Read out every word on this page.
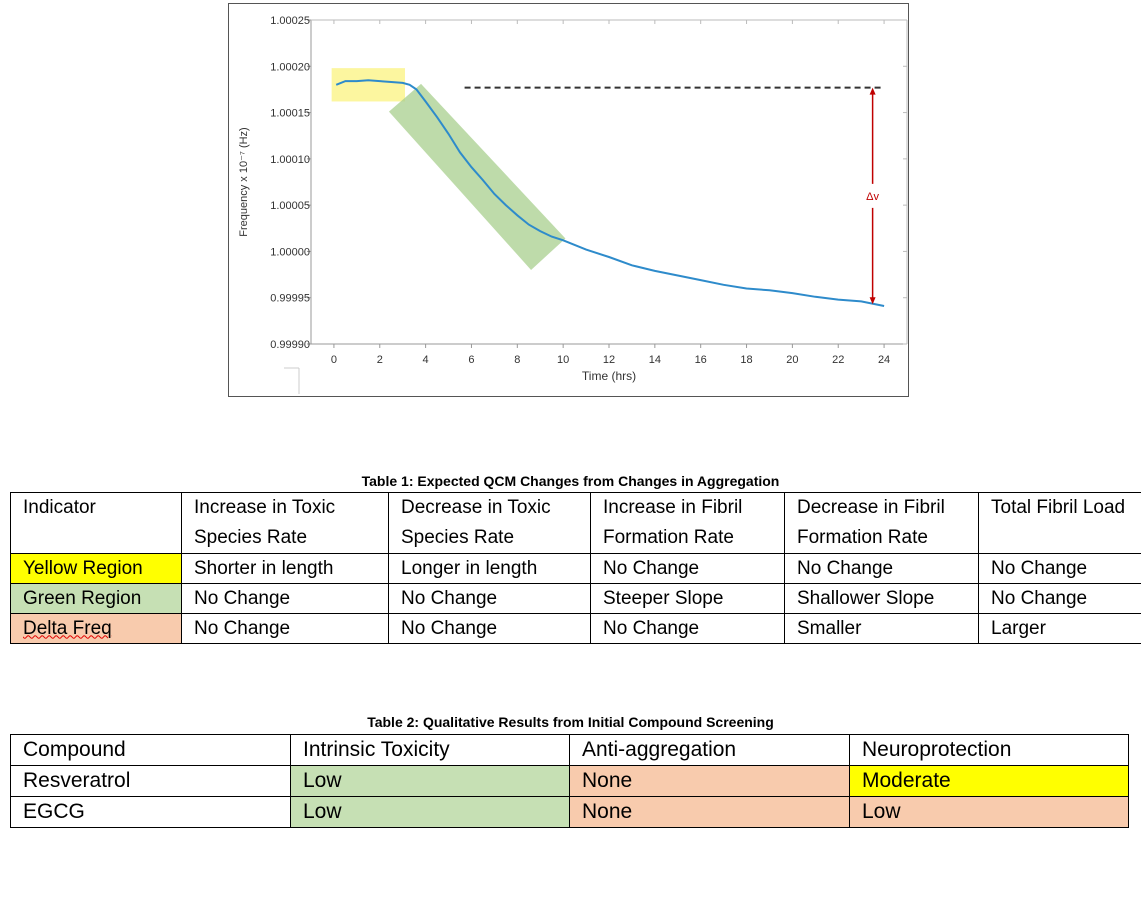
1.00025
1.00020
1.00015
1.00010
1.00005
1.00000
0.99995
0.99990
0	2	4	6	8	10	12	14	16	18	20	22	24
Time (hrs)
Frequency x 10⁻⁷ (Hz)	Δv
Table 1: Expected QCM Changes from Changes in Aggregation
Indicator	Increase in Toxic Species Rate	Decrease in Toxic Species Rate	Increase in Fibril Formation Rate	Decrease in Fibril Formation Rate	Total Fibril Load
Yellow Region	Shorter in length	Longer in length	No Change	No Change	No Change
Green Region	No Change	No Change	Steeper Slope	Shallower Slope	No Change
Delta Freq	No Change	No Change	No Change	Smaller	Larger
Table 2: Qualitative Results from Initial Compound Screening
Compound	Intrinsic Toxicity	Anti-aggregation	Neuroprotection
Resveratrol	Low	None	Moderate
EGCG	Low	None	Low
